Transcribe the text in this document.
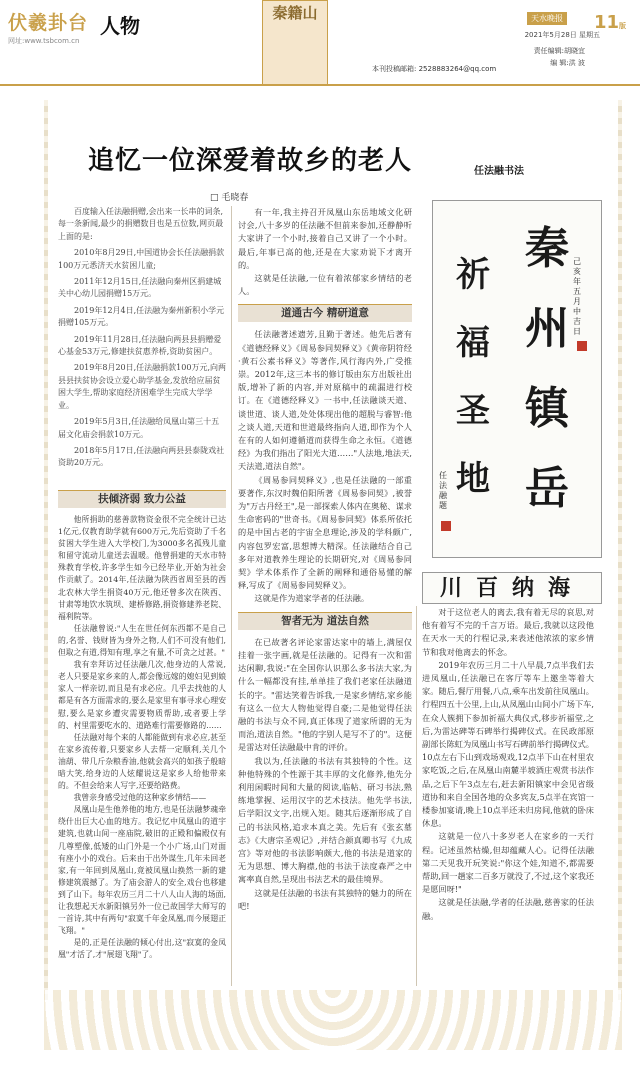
伏羲卦台
网址:www.tsbcom.cn
人物
秦籍山	天水晚报 11版
2021年5月28日 星期五
责任编辑:胡晓宜
编 辑:洪 波
本刊投稿邮箱: 2528883264@qq.com
追忆一位深爱着故乡的老人
□ 毛晓春

百度输入任法融捐赠,会出来一长串的词条,每一条新闻,最少的捐赠数目也是五位数,网页最上面的是:

2010年8月29日,中国道协会长任法融捐款100万元悉济天水贫困儿童;

2011年12月15日,任法融向秦州区捐建城关中心幼儿园捐赠15万元。

2019年12月4日,任法融为秦州新积小学元捐赠105万元。

2019年11月28日,任法融向两县县捐赠爱心基金53万元,修建扶贫惠养桥,资助贫困户。

2019年8月20日,任法融捐款100万元,向两县县扶贫协会设立爱心助学基金,发放给应届贫困大学生,帮助家庭经济困难学生完成大学学业。

2019年5月3日,任法融给凤凰山第三十五届文化庙会捐款10万元。

2018年5月17日,任法融向两县县泰陇戏社资助20万元。

扶倾济弱 致力公益

他所捐助的慈善款物资金很不完全统计已达1亿元,仅教育助学就有600万元,先后资助了千名贫困大学生进入大学校门,为3000多名孤残儿童和留守流动儿童送去温暖。他曾捐建的天水市特殊教育学校,许多学生如今已经毕业,开始为社会作贡献了。2014年,任法融为陕西省周至县的西北农林大学生捐资40万元,他还曾多次在陕西、甘肃等地饮水筑坝、建桥修路,捐资修建养老院、福利院等。

任法融曾说:"人生在世任何东西都不是自己的,名誉、钱财皆为身外之物,人们不可没有他们,但取之有道,得知有理,享之有量,不可贪之过甚。"

我有幸拜访过任法融几次,他身边的人常说,老人只要是家乡来的人,都会像远嫁的媳妇见到娘家人一样亲切,而且是有求必应。几乎去找他的人都是有各方面需求的,要么是家里有事寻求心理安慰,要么是家乡遭灾需要物质帮助,或者要上学的、村里需要吃水的、道路难行需要修路的……

任法融对每个来的人都能做到有求必应,甚至在家乡流传着,只要家乡人去帮一定顺利,关几个油葫、带几斤杂粮香油,他就会高兴的如孩子般暗暗大笑,给身边的人炫耀说这是家乡人给他带来的。不但会给来人写字,还要给路费。

我曾亲身感受过他的这种家乡情结——

凤凰山是生他养他的地方,也是任法融梦魂牵绕什出巨大心血的地方。我记忆中凤凰山的道宇建筑,也就山间一座庙院,破旧的正殿和偏殿仅有几尊塑像,低矮的山门外是一个小广场,山门对面有座小小的戏台。后来由于出外谋生,几年未回老家,有一年回到凤凰山,竟被凤凰山换然一新的建修建筑震撼了。为了庙会游人的安全,戏台也移建到了山下。每年农历三月二十八人山人海的场面,让我想起天水新阳镇另外一位已故国学大师写的一首诗,其中有两句"寂寞千年金凤凰,而今展翅正飞翔。"

是的,正是任法融的倾心付出,这"寂寞的金凤凰"才活了,才"展翅飞翔"了。

有一年,我主持召开凤凰山东岳地域文化研讨会,八十多岁的任法融不但前来参加,还静静听大家讲了一个小时,接着自己又讲了一个小时。最后,年事已高的他,还是在大家劝说下才离开的。

这就是任法融,一位有着浓郁家乡情结的老人。

道通古今 精研道意

任法融著述遗芳,且勤于著述。他先后著有《道德经释义》《周易参同契释义》《黄帝阴符经·黄石公素书释义》等著作,风行海内外,广受推崇。2012年,这三本书的修订版由东方出版社出版,增补了新的内容,并对原稿中的疏漏进行校订。在《道德经释义》一书中,任法融谈天道、谈世道、谈人道,处处体现出他的超脱与睿智:他之谈人道,天道和世道最终指向人道,即作为个人在有的人如何遵循道而获得生命之永恒。《道德经》为我们指出了阳光大道……"人法地,地法天,天法道,道法自然"。

《周易参同契释义》,也是任法融的一部重要著作,东汉时魏伯阳所著《周易参同契》,被誉为"万古丹经王",是一部探索人体内在奥秘、谋求生命密码的"世奇书。《周易参同契》体系所依托的是中国古老的宇宙全息理论,涉及的学科颇广,内容包罗宏富,思想博大精深。任法融结合自己多年对道教养生理论的长期研究,对《周易参同契》学术体系作了全新的阐释和通俗易懂的解释,写成了《周易参同契释义》。

这就是作为道家学者的任法融。

智者无为 道法自然

在已故著名评论家雷达家中的墙上,满屋仅挂着一张字画,就是任法融的。记得有一次和雷达闲聊,我说:"在全国你认识那么多书法大家,为什么一幅都没有挂,单单挂了我们老家任法融道长的字。"雷达笑着告诉我,一是家乡情结,家乡能有这么一位大人物他觉得自豪;二是他觉得任法融的书法与众不同,真正体现了道家所谓的无为而治,道法自然。"他的字别人是写不了的"。这便是雷达对任法融最中肯的评价。

我以为,任法融的书法有其独特的个性。这种他特殊的个性源于其丰厚的文化修养,他先分利用闲暇时间和大量的阅读,临帖、研习书法,熟练地掌握、运用汉字的艺术技法。他先学书法,后学阳汉文字,出规入矩。随其后逐渐形成了自己的书法风格,追求本真之美。先后有《张玄墓志》《大唐宗圣观记》,并结合颜真卿书写《九成宫》等对他的书法影响颇大,他的书法是道家的无为思想、博大胸襟,他的书法于法度森严之中寓率真自然,呈现出书法艺术的最佳境界。

这就是任法融的书法有其独特的魅力的所在吧!

任法融书法
秦州镇岳
祈福圣地
己亥年五月中吉日
任法融题
海纳百川

对于这位老人的离去,我有着无尽的哀思,对他有着写不完的千言万语。最后,我就以这段他在天水一天的行程记录,来表述他浓浓的家乡情节和我对他离去的怀念。

2019年农历三月二十八早晨,7点半我们去进凤凰山,任法融已在客厅等车上邀坐等着大家。随后,餐厅用餐,八点,乘车出发前往凤凰山。行程四五十公里,上山,从凤凰山山间小广场下车,在众人簇拥下参加祈福大典仪式,移步祈福堂,之后,为雷达碑等石碑举行揭碑仪式。在民政部原副部长陈虹为凤凰山书写石碑前举行揭碑仪式。10点左右下山到戏场观戏,12点半下山在村里农家吃饭,之后,在凤凰山南麓半坡酒庄观赏书法作品,之后下午3点左右,赶去新阳镇家中会见省级道协和来自全国各地的众多宾友,5点半在宾馆一楼参加宴请,晚上10点半还未归房间,他就的卧床休息。

这就是一位八十多岁老人在家乡的一天行程。记述虽然枯燥,但却蕴藏人心。记得任法融第二天见我开玩笑说:"你这个娃,知道不,都需要帮助,回一趟家二百多万就没了,不过,这个家我还是愿回呀!"

这就是任法融,学者的任法融,慈善家的任法融。
